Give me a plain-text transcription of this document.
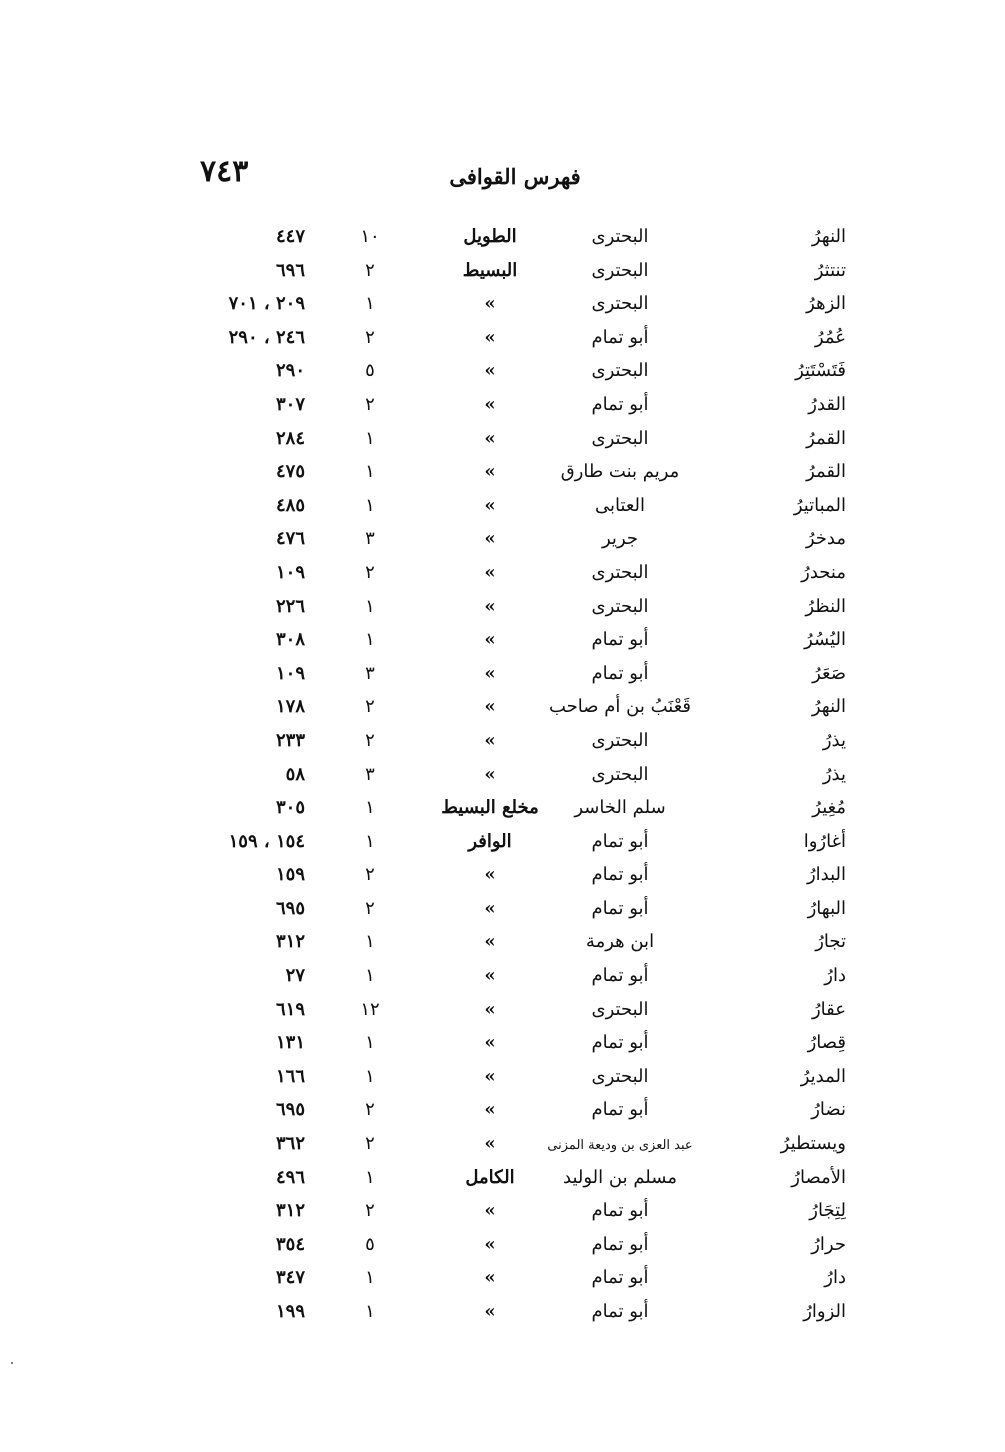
٧٤٣	فهرس القوافى
النهرُ
البحترى
الطويل
١٠
٤٤٧
تنتثرُ
البحترى
البسيط
٢
٦٩٦
الزهرُ
البحترى
»
١
٢٠٩ ، ٧٠١
عُمُرُ
أبو تمام
»
٢
٢٤٦ ، ٢٩٠
فَتَسْتَتِرُ
البحترى
»
٥
٢٩٠
القدرُ
أبو تمام
»
٢
٣٠٧
القمرُ
البحترى
»
١
٢٨٤
القمرُ
مريم بنت طارق
»
١
٤٧٥
المباتيرُ
العتابى
»
١
٤٨٥
مدخرُ
جرير
»
٣
٤٧٦
منحدرُ
البحترى
»
٢
١٠٩
النظرُ
البحترى
»
١
٢٢٦
اليُسُرُ
أبو تمام
»
١
٣٠٨
صَعَرُ
أبو تمام
»
٣
١٠٩
النهرُ
قَعْنَبُ بن أم صاحب
»
٢
١٧٨
يذرُ
البحترى
»
٢
٢٣٣
يذرُ
البحترى
»
٣
٥٨
مُغِيرُ
سلم الخاسر
مخلع البسيط
١
٣٠٥
أغارُوا
أبو تمام
الوافر
١
١٥٤ ، ١٥٩
البدارُ
أبو تمام
»
٢
١٥٩
البهارُ
أبو تمام
»
٢
٦٩٥
تجارُ
ابن هرمة
»
١
٣١٢
دارُ
أبو تمام
»
١
٢٧
عقارُ
البحترى
»
١٢
٦١٩
قِصارُ
أبو تمام
»
١
١٣١
المديرُ
البحترى
»
١
١٦٦
نضارُ
أبو تمام
»
٢
٦٩٥
ويستطيرُ
عبد العزى بن وديعة المزنى
»
٢
٣٦٢
الأمصارُ
مسلم بن الوليد
الكامل
١
٤٩٦
لِتِجَارُ
أبو تمام
»
٢
٣١٢
حرارُ
أبو تمام
»
٥
٣٥٤
دارُ
أبو تمام
»
١
٣٤٧
الزوارُ
أبو تمام
»
١
١٩٩
